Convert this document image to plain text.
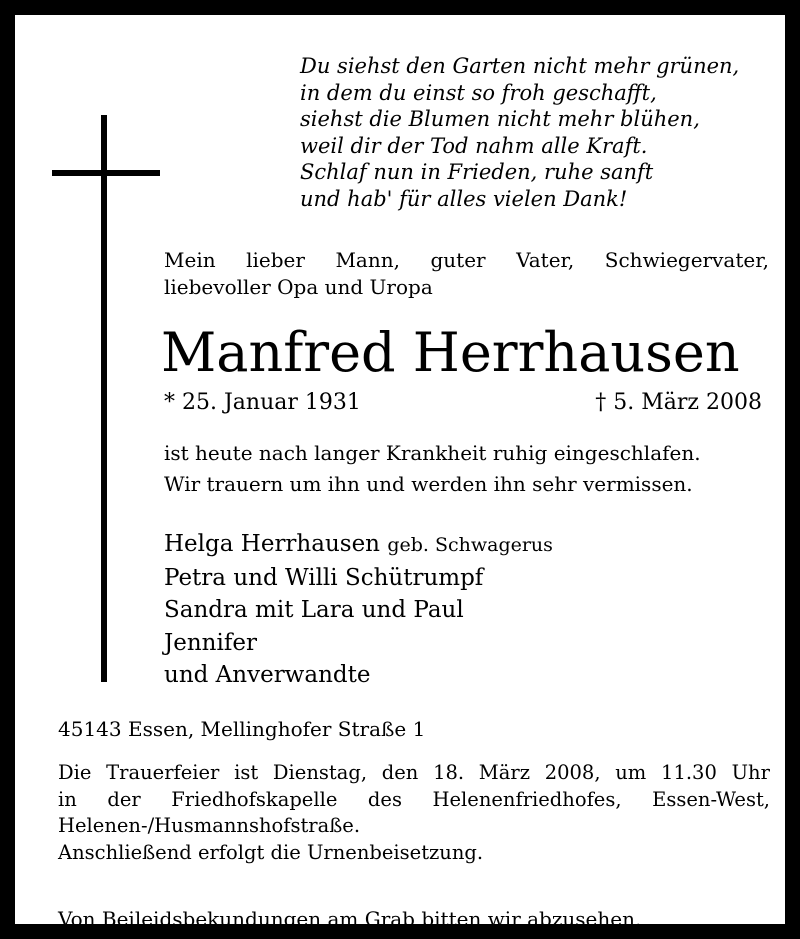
Du siehst den Garten nicht mehr grünen,
in dem du einst so froh geschafft,
siehst die Blumen nicht mehr blühen,
weil dir der Tod nahm alle Kraft.
Schlaf nun in Frieden, ruhe sanft
und hab' für alles vielen Dank!
Mein lieber Mann, guter Vater, Schwiegervater,
liebevoller Opa und Uropa
Manfred Herrhausen
* 25. Januar 1931	† 5. März 2008
ist heute nach langer Krankheit ruhig eingeschlafen.
Wir trauern um ihn und werden ihn sehr vermissen.
Helga Herrhausen geb. Schwagerus
Petra und Willi Schütrumpf
Sandra mit Lara und Paul
Jennifer
und Anverwandte
45143 Essen, Mellinghofer Straße 1
Die Trauerfeier ist Dienstag, den 18. März 2008, um 11.30 Uhr
in der Friedhofskapelle des Helenenfriedhofes, Essen-West,
Helenen-/Husmannshofstraße.
Anschließend erfolgt die Urnenbeisetzung.
Von Beileidsbekundungen am Grab bitten wir abzusehen.
